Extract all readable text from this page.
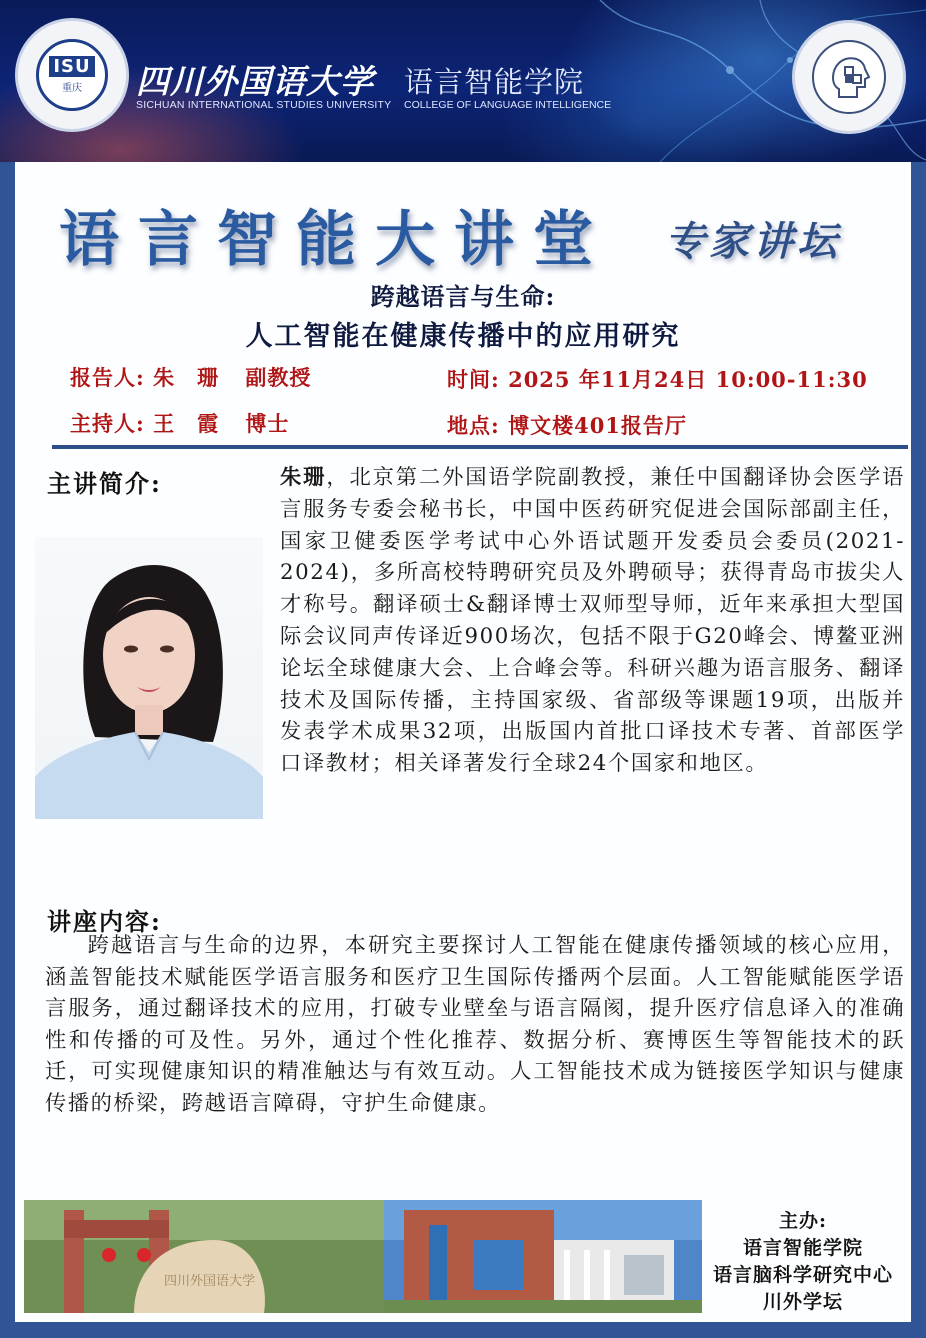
ISU
重庆 四川外国语大学 语言智能学院
SICHUAN INTERNATIONAL STUDIES UNIVERSITY COLLEGE OF LANGUAGE INTELLIGENCE
语言智能大讲堂 专家讲坛
跨越语言与生命:
人工智能在健康传播中的应用研究
报告人: 朱　珊 副教授
主持人: 王　霞 博士
时间: 2025 年11月24日 10:00-11:30
地点: 博文楼401报告厅
主讲简介:	朱珊，北京第二外国语学院副教授，兼任中国翻译协会医学语言服务专委会秘书长，中国中医药研究促进会国际部副主任，国家卫健委医学考试中心外语试题开发委员会委员(2021-2024)，多所高校特聘研究员及外聘硕导；获得青岛市拔尖人才称号。翻译硕士&翻译博士双师型导师，近年来承担大型国际会议同声传译近900场次，包括不限于G20峰会、博鳌亚洲论坛全球健康大会、上合峰会等。科研兴趣为语言服务、翻译技术及国际传播，主持国家级、省部级等课题19项，出版并发表学术成果32项，出版国内首批口译技术专著、首部医学口译教材；相关译著发行全球24个国家和地区。
讲座内容:
跨越语言与生命的边界，本研究主要探讨人工智能在健康传播领域的核心应用，涵盖智能技术赋能医学语言服务和医疗卫生国际传播两个层面。人工智能赋能医学语言服务，通过翻译技术的应用，打破专业壁垒与语言隔阂，提升医疗信息译入的准确性和传播的可及性。另外，通过个性化推荐、数据分析、赛博医生等智能技术的跃迁，可实现健康知识的精准触达与有效互动。人工智能技术成为链接医学知识与健康传播的桥梁，跨越语言障碍，守护生命健康。
四川外国语大学
主办:
语言智能学院
语言脑科学研究中心
川外学坛
